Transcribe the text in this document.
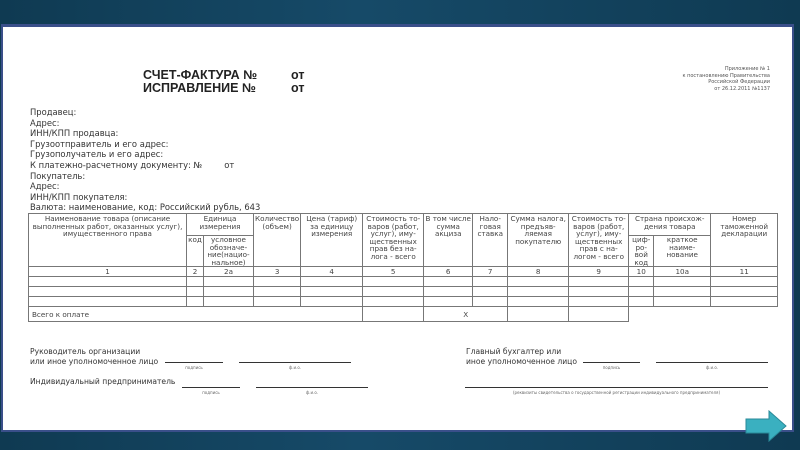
СЧЕТ-ФАКТУРА №	от
ИСПРАВЛЕНИЕ №	от
Приложение № 1
к постановлению Правительства
Российской Федерации
от 26.12.2011 №1137
Продавец:
Адрес:
ИНН/КПП продавца:
Грузоотправитель и его адрес:
Грузополучатель и его адрес:
К платежно-расчетному документу: №	от
Покупатель:
Адрес:
ИНН/КПП покупателя:
Валюта: наименование, код: Российский рубль, 643
Наименование товара (описание выполненных работ, оказанных услуг), имущественного права	Единица измерения		Количество (объем)	Цена (тариф) за единицу измерения	Стоимость то-варов (работ, услуг), иму-щественных прав без на-лога - всего	В том числе сумма акциза	Нало-говая ставка	Сумма налога, предъяв-ляемая покупателю	Стоимость то-варов (работ, услуг), иму-щественных прав с на-логом - всего	Страна происхож-дения товара		Номер таможенной декларации
	код	условное обозначе-ние(нацио-нальное)								циф-ро-вой код	краткое наиме-нование	
1	2	2а	3	4	5	6	7	8	9	10	10а	11

Всего к оплате						Х						
Руководитель организации
или иное уполномоченное лицо
подпись	ф.и.о.
Индивидуальный предприниматель
подпись	ф.и.о.
Главный бухгалтер или
иное уполномоченное лицо
подпись	ф.и.о.
(реквизиты свидетельства о государственной регистрации индивидуального предпринимателя)
